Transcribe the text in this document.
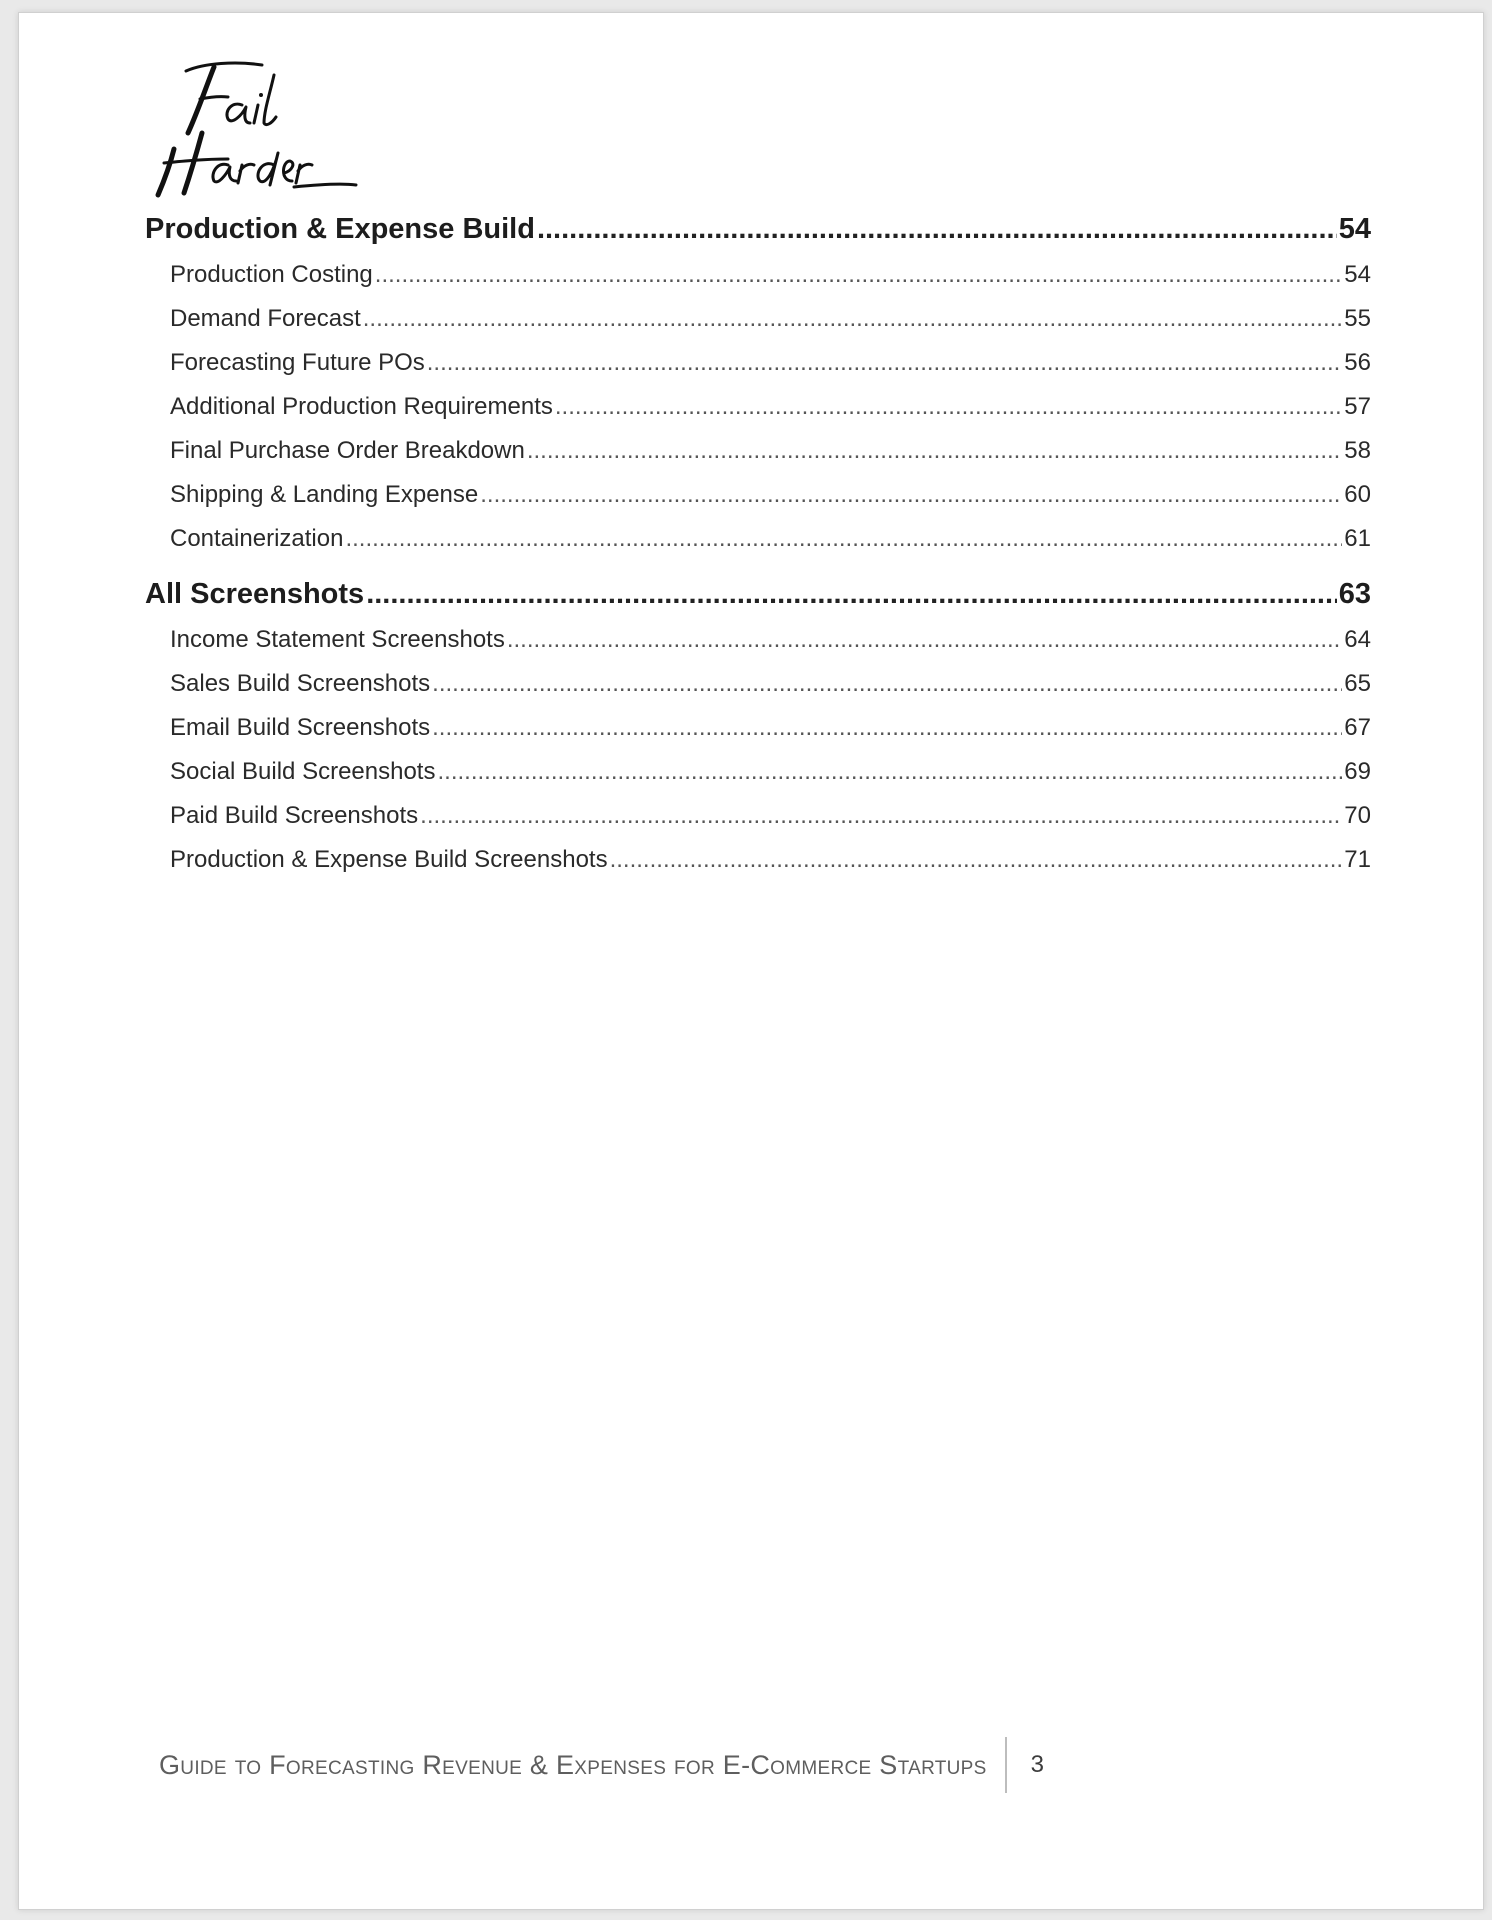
Production & Expense Build .....	54
Production Costing .....	54
Demand Forecast .....	55
Forecasting Future POs .....	56
Additional Production Requirements .....	57
Final Purchase Order Breakdown .....	58
Shipping & Landing Expense .....	60
Containerization .....	61
All Screenshots .....	63
Income Statement Screenshots .....	64
Sales Build Screenshots .....	65
Email Build Screenshots .....	67
Social Build Screenshots .....	69
Paid Build Screenshots .....	70
Production & Expense Build Screenshots .....	71
Guide to Forecasting Revenue & Expenses for E-Commerce Startups	3
